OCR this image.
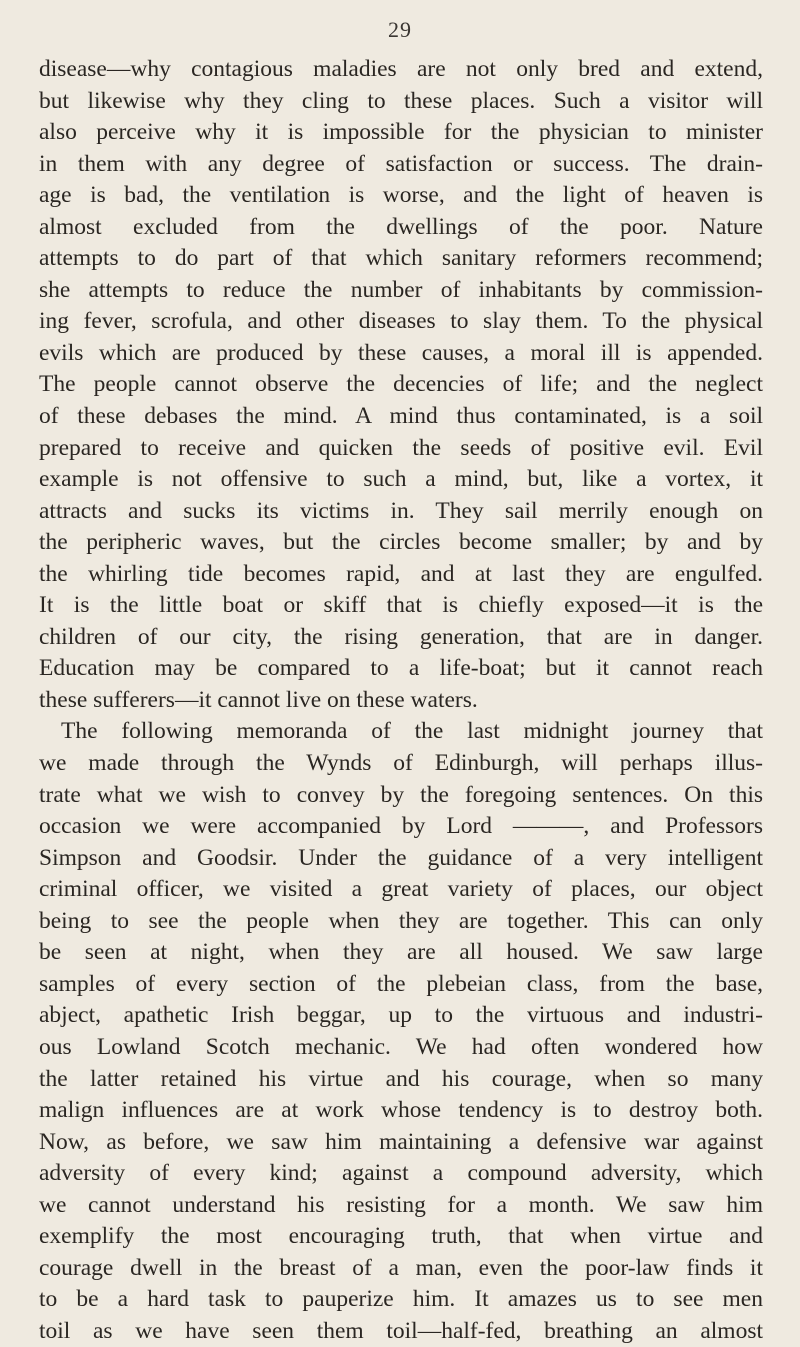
29
disease—why contagious maladies are not only bred and extend,
but likewise why they cling to these places. Such a visitor will
also perceive why it is impossible for the physician to minister
in them with any degree of satisfaction or success. The drain-
age is bad, the ventilation is worse, and the light of heaven is
almost excluded from the dwellings of the poor. Nature
attempts to do part of that which sanitary reformers recommend;
she attempts to reduce the number of inhabitants by commission-
ing fever, scrofula, and other diseases to slay them. To the physical
evils which are produced by these causes, a moral ill is appended.
The people cannot observe the decencies of life; and the neglect
of these debases the mind. A mind thus contaminated, is a soil
prepared to receive and quicken the seeds of positive evil. Evil
example is not offensive to such a mind, but, like a vortex, it
attracts and sucks its victims in. They sail merrily enough on
the peripheric waves, but the circles become smaller; by and by
the whirling tide becomes rapid, and at last they are engulfed.
It is the little boat or skiff that is chiefly exposed—it is the
children of our city, the rising generation, that are in danger.
Education may be compared to a life-boat; but it cannot reach
these sufferers—it cannot live on these waters.
The following memoranda of the last midnight journey that
we made through the Wynds of Edinburgh, will perhaps illus-
trate what we wish to convey by the foregoing sentences. On this
occasion we were accompanied by Lord ———, and Professors
Simpson and Goodsir. Under the guidance of a very intelligent
criminal officer, we visited a great variety of places, our object
being to see the people when they are together. This can only
be seen at night, when they are all housed. We saw large
samples of every section of the plebeian class, from the base,
abject, apathetic Irish beggar, up to the virtuous and industri-
ous Lowland Scotch mechanic. We had often wondered how
the latter retained his virtue and his courage, when so many
malign influences are at work whose tendency is to destroy both.
Now, as before, we saw him maintaining a defensive war against
adversity of every kind; against a compound adversity, which
we cannot understand his resisting for a month. We saw him
exemplify the most encouraging truth, that when virtue and
courage dwell in the breast of a man, even the poor-law finds it
to be a hard task to pauperize him. It amazes us to see men
toil as we have seen them toil—half-fed, breathing an almost
